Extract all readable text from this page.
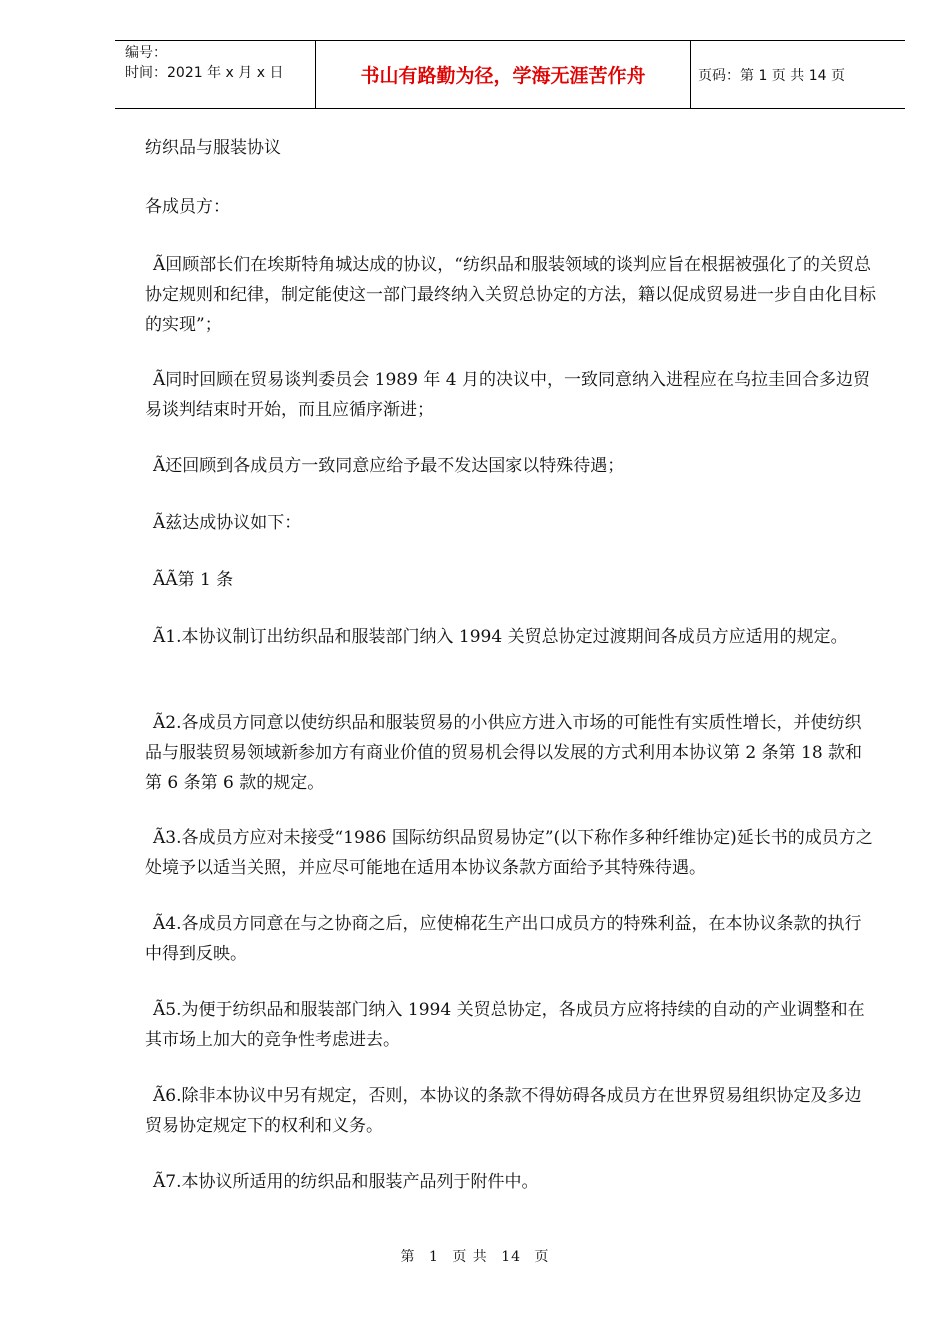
编号：
时间：2021 年 x 月 x 日	书山有路勤为径，学海无涯苦作舟	页码：第 1 页 共 14 页

纺织品与服装协议

各成员方：

Ã回顾部长们在埃斯特角城达成的协议，“纺织品和服装领域的谈判应旨在根据被强化了的关贸总协定规则和纪律，制定能使这一部门最终纳入关贸总协定的方法，籍以促成贸易进一步自由化目标的实现”；

Ã同时回顾在贸易谈判委员会 1989 年 4 月的决议中，一致同意纳入进程应在乌拉圭回合多边贸易谈判结束时开始，而且应循序渐进；

Ã还回顾到各成员方一致同意应给予最不发达国家以特殊待遇；

Ã兹达成协议如下：

ÃÃ第 1 条

Ã1.本协议制订出纺织品和服装部门纳入 1994 关贸总协定过渡期间各成员方应适用的规定。

Ã2.各成员方同意以使纺织品和服装贸易的小供应方进入市场的可能性有实质性增长，并使纺织品与服装贸易领域新参加方有商业价值的贸易机会得以发展的方式利用本协议第 2 条第 18 款和第 6 条第 6 款的规定。

Ã3.各成员方应对未接受“1986 国际纺织品贸易协定”(以下称作多种纤维协定)延长书的成员方之处境予以适当关照，并应尽可能地在适用本协议条款方面给予其特殊待遇。

Ã4.各成员方同意在与之协商之后，应使棉花生产出口成员方的特殊利益，在本协议条款的执行中得到反映。

Ã5.为便于纺织品和服装部门纳入 1994 关贸总协定，各成员方应将持续的自动的产业调整和在其市场上加大的竞争性考虑进去。

Ã6.除非本协议中另有规定，否则，本协议的条款不得妨碍各成员方在世界贸易组织协定及多边贸易协定规定下的权利和义务。

Ã7.本协议所适用的纺织品和服装产品列于附件中。

第 1 页 共 14 页
